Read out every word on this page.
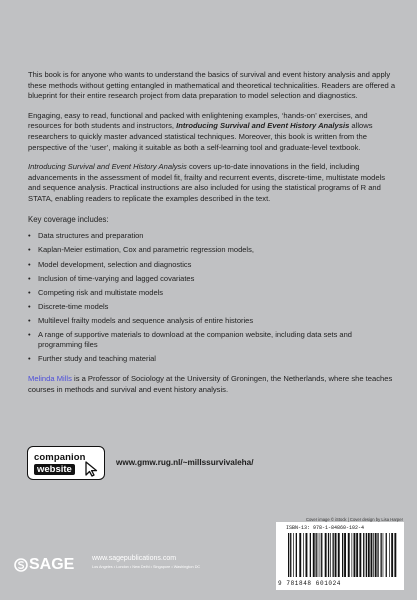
This book is for anyone who wants to understand the basics of survival and event history analysis and apply these methods without getting entangled in mathematical and theoretical technicalities. Readers are offered a blueprint for their entire research project from data preparation to model selection and diagnostics.

Engaging, easy to read, functional and packed with enlightening examples, ‘hands-on’ exercises, and resources for both students and instructors, Introducing Survival and Event History Analysis allows researchers to quickly master advanced statistical techniques. Moreover, this book is written from the perspective of the ‘user’, making it suitable as both a self-learning tool and graduate-level textbook.

Introducing Survival and Event History Analysis covers up-to-date innovations in the field, including advancements in the assessment of model fit, frailty and recurrent events, discrete-time, multistate models and sequence analysis. Practical instructions are also included for using the statistical programs of R and STATA, enabling readers to replicate the examples described in the text.

Key coverage includes:
• Data structures and preparation
• Kaplan-Meier estimation, Cox and parametric regression models,
• Model development, selection and diagnostics
• Inclusion of time-varying and lagged covariates
• Competing risk and multistate models
• Discrete-time models
• Multilevel frailty models and sequence analysis of entire histories
• A range of supportive materials to download at the companion website, including data sets and programming files
• Further study and teaching material

Melinda Mills is a Professor of Sociology at the University of Groningen, the Netherlands, where she teaches courses in methods and survival and event history analysis.

companion
website
www.gmw.rug.nl/~millssurvivaleha/
Cover image © iStock | Cover design by Lisa Harper
SAGE	www.sagepublications.com
Los Angeles • London • New Delhi • Singapore • Washington DC
ISBN-13: 978-1-84860-102-4
9 781848 601024
